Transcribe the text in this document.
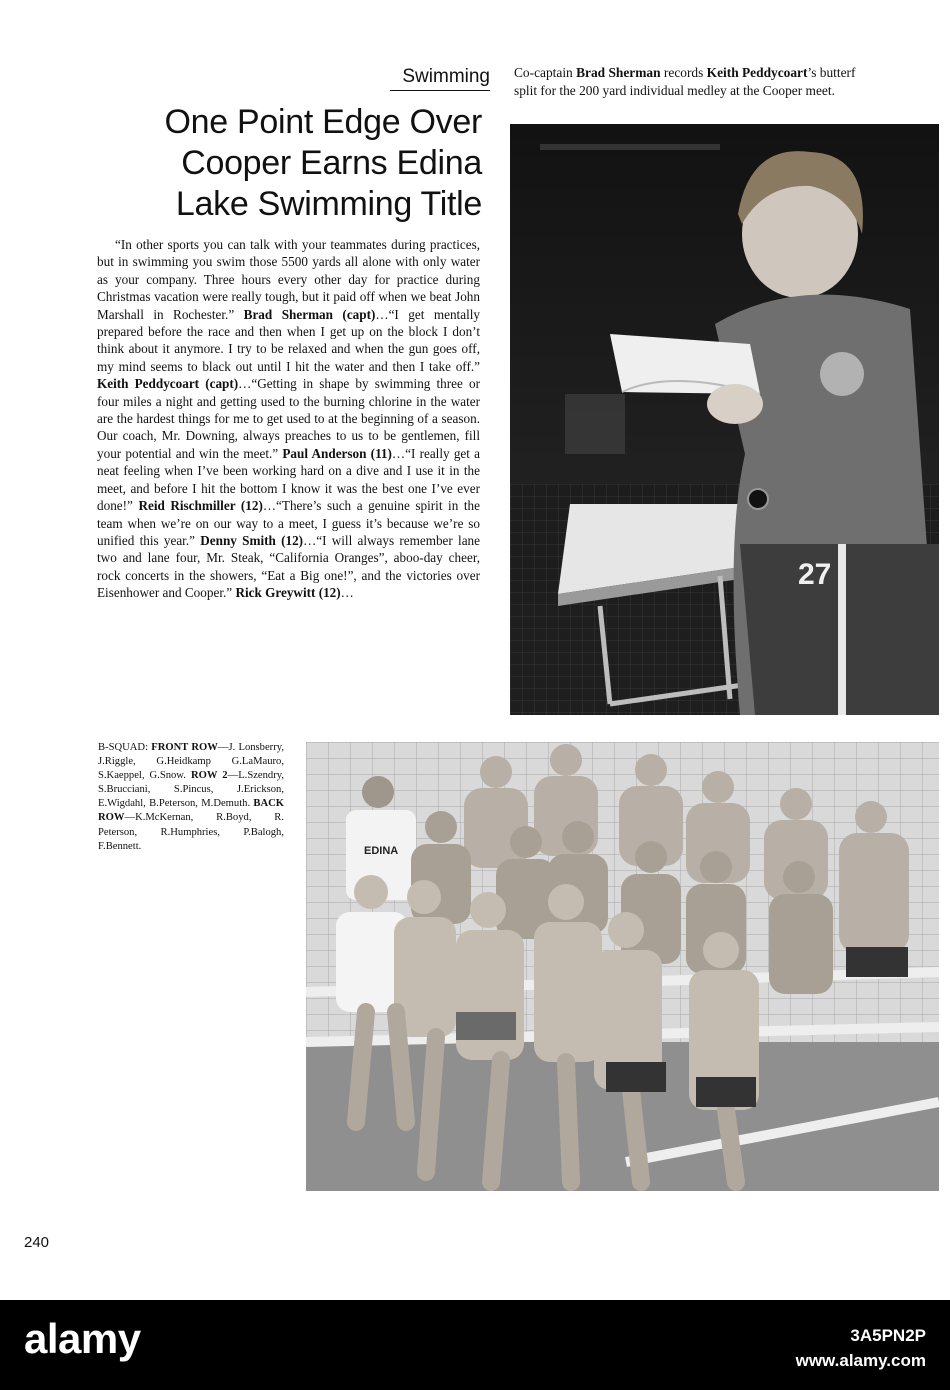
Swimming
One Point Edge Over Cooper Earns Edina Lake Swimming Title

“In other sports you can talk with your teammates during practices, but in swimming you swim those 5500 yards all alone with only water as your company. Three hours every other day for practice during Christmas vacation were really tough, but it paid off when we beat John Marshall in Rochester.” Brad Sherman (capt)…“I get mentally prepared before the race and then when I get up on the block I don’t think about it anymore. I try to be relaxed and when the gun goes off, my mind seems to black out until I hit the water and then I take off.” Keith Peddycoart (capt)…“Getting in shape by swimming three or four miles a night and getting used to the burning chlorine in the water are the hardest things for me to get used to at the beginning of a season. Our coach, Mr. Downing, always preaches to us to be gentlemen, fill your potential and win the meet.” Paul Anderson (11)…“I really get a neat feeling when I’ve been working hard on a dive and I use it in the meet, and before I hit the bottom I know it was the best one I’ve ever done!” Reid Rischmiller (12)…“There’s such a genuine spirit in the team when we’re on our way to a meet, I guess it’s because we’re so unified this year.” Denny Smith (12)…“I will always remember lane two and lane four, Mr. Steak, “California Oranges”, aboo-day cheer, rock concerts in the showers, “Eat a Big one!”, and the victories over Eisenhower and Cooper.” Rick Greywitt (12)…

Co-captain Brad Sherman records Keith Peddycoart’s butterf
split for the 200 yard individual medley at the Cooper meet.
27
B-SQUAD: FRONT ROW—J. Lonsberry, J.Riggle, G.Heidkamp G.LaMauro, S.Kaeppel, G.Snow. ROW 2—L.Szendry, S.Brucciani, S.Pincus, J.Erickson, E.Wigdahl, B.Peterson, M.Demuth. BACK ROW—K.McKernan, R.Boyd, R. Peterson, R.Humphries, P.Balogh, F.Bennett.	EDINA
240
alamy	3A5PN2P
www.alamy.com
